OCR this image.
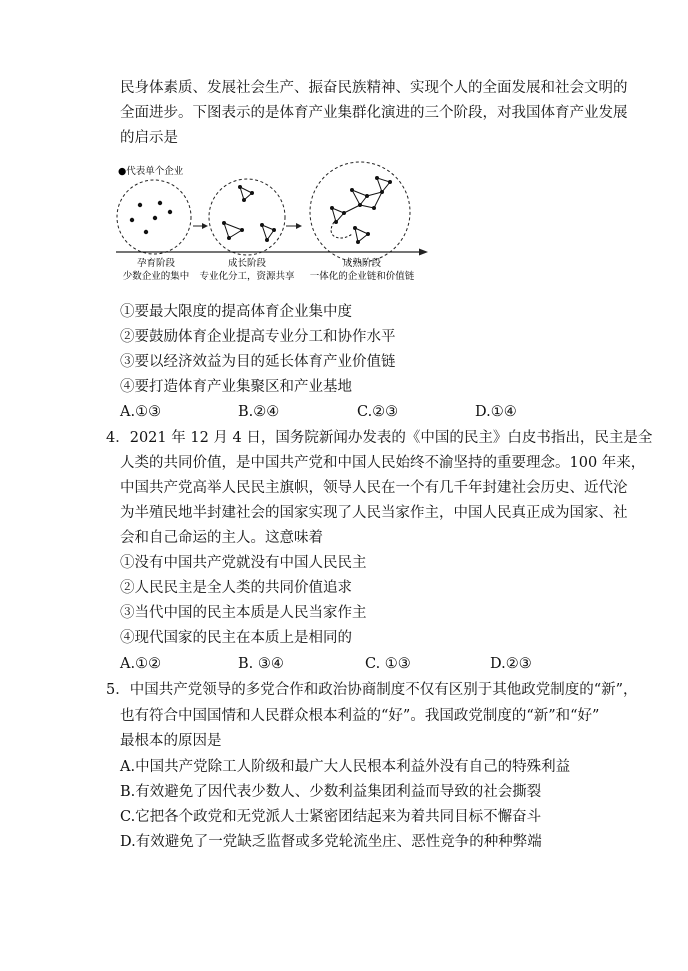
民身体素质、发展社会生产、振奋民族精神、实现个人的全面发展和社会文明的
全面进步。下图表示的是体育产业集群化演进的三个阶段，对我国体育产业发展
的启示是
●代表单个企业
孕育阶段
少数企业的集中
成长阶段
专业化分工，资源共享
成熟阶段
一体化的企业链和价值链
①要最大限度的提高体育企业集中度
②要鼓励体育企业提高专业分工和协作水平
③要以经济效益为目的延长体育产业价值链
④要打造体育产业集聚区和产业基地
A.①③	B.②④	C.②③	D.①④
4．2021 年 12 月 4 日，国务院新闻办发表的《中国的民主》白皮书指出，民主是全
人类的共同价值，是中国共产党和中国人民始终不渝坚持的重要理念。100 年来，
中国共产党高举人民民主旗帜，领导人民在一个有几千年封建社会历史、近代沦
为半殖民地半封建社会的国家实现了人民当家作主，中国人民真正成为国家、社
会和自己命运的主人。这意味着
①没有中国共产党就没有中国人民民主
②人民民主是全人类的共同价值追求
③当代中国的民主本质是人民当家作主
④现代国家的民主在本质上是相同的
A.①②	B. ③④	C. ①③	D.②③
5．中国共产党领导的多党合作和政治协商制度不仅有区别于其他政党制度的“新”，
也有符合中国国情和人民群众根本利益的“好”。我国政党制度的“新”和“好”
最根本的原因是
A.中国共产党除工人阶级和最广大人民根本利益外没有自己的特殊利益
B.有效避免了因代表少数人、少数利益集团利益而导致的社会撕裂
C.它把各个政党和无党派人士紧密团结起来为着共同目标不懈奋斗
D.有效避免了一党缺乏监督或多党轮流坐庄、恶性竞争的种种弊端
